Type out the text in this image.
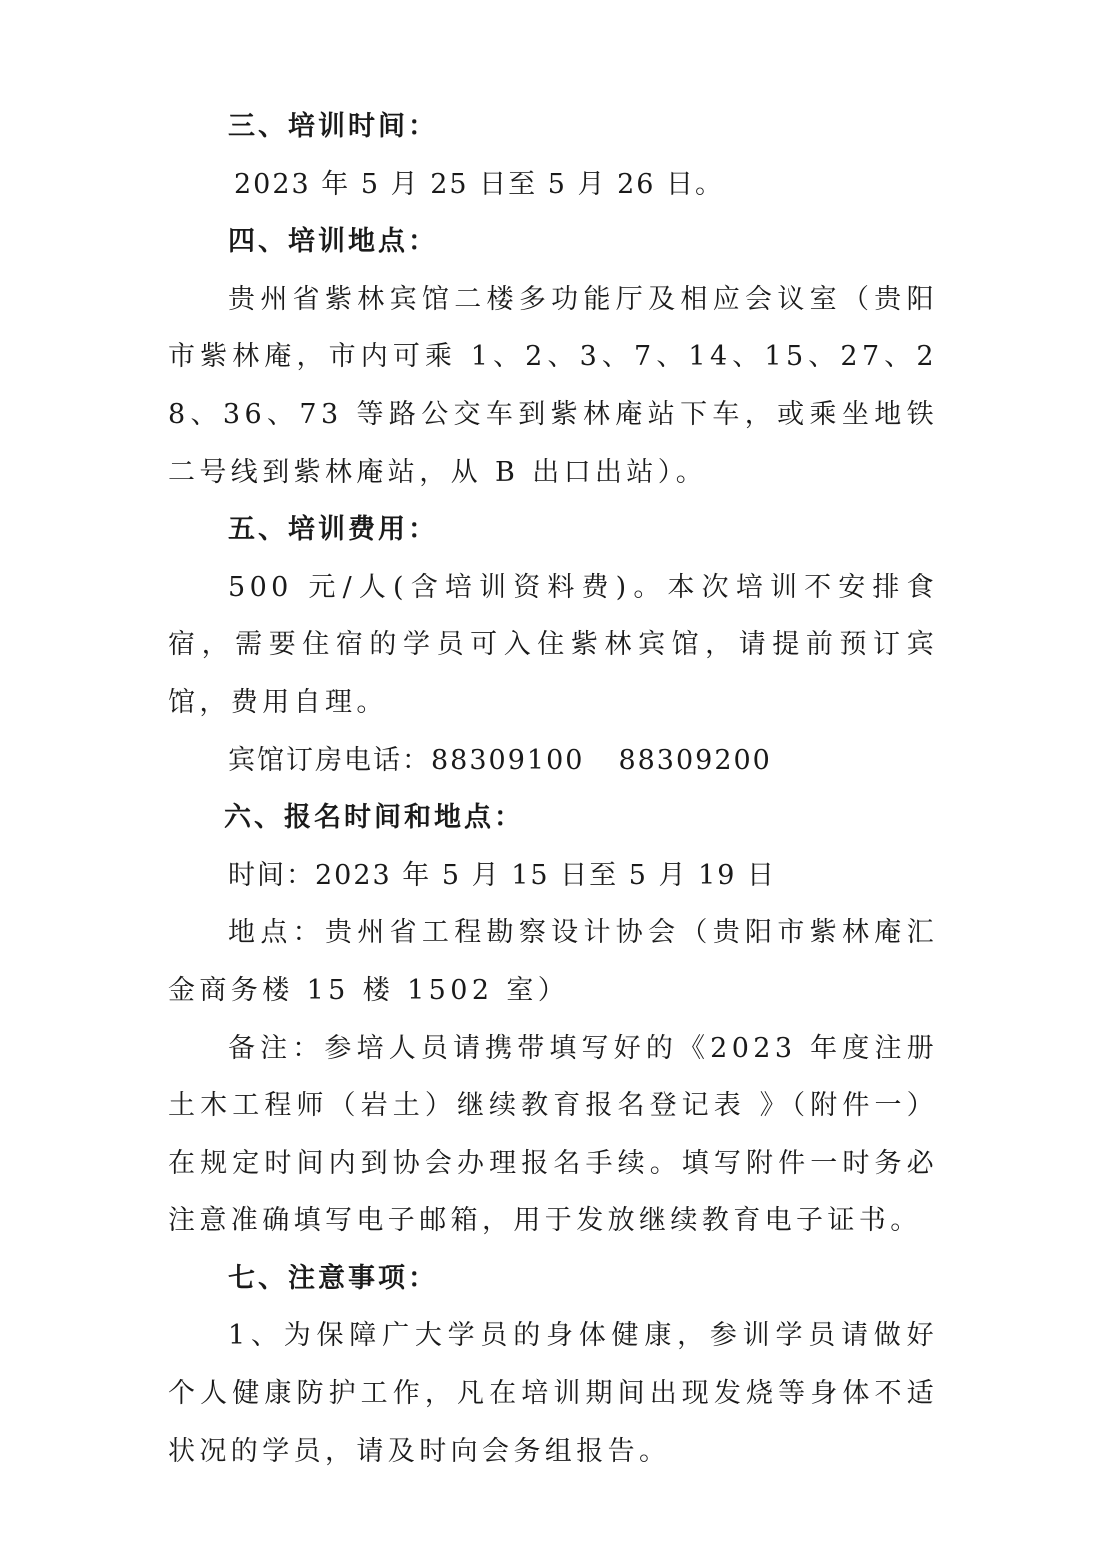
三、培训时间：
2023 年 5 月 25 日至 5 月 26 日。
四、培训地点：
贵州省紫林宾馆二楼多功能厅及相应会议室（贵阳市紫林庵，市内可乘 1、2、3、7、14、15、27、28、36、73 等路公交车到紫林庵站下车，或乘坐地铁二号线到紫林庵站，从 B 出口出站）。
五、培训费用：
500 元/人(含培训资料费)。本次培训不安排食宿，需要住宿的学员可入住紫林宾馆，请提前预订宾馆，费用自理。
宾馆订房电话：88309100 88309200
六、报名时间和地点：
时间：2023 年 5 月 15 日至 5 月 19 日
地点：贵州省工程勘察设计协会（贵阳市紫林庵汇金商务楼 15 楼 1502 室）
备注：参培人员请携带填写好的《2023 年度注册土木工程师（岩土）继续教育报名登记表 》（附件一）在规定时间内到协会办理报名手续。填写附件一时务必注意准确填写电子邮箱，用于发放继续教育电子证书。
七、注意事项：
1、为保障广大学员的身体健康，参训学员请做好个人健康防护工作，凡在培训期间出现发烧等身体不适状况的学员，请及时向会务组报告。
